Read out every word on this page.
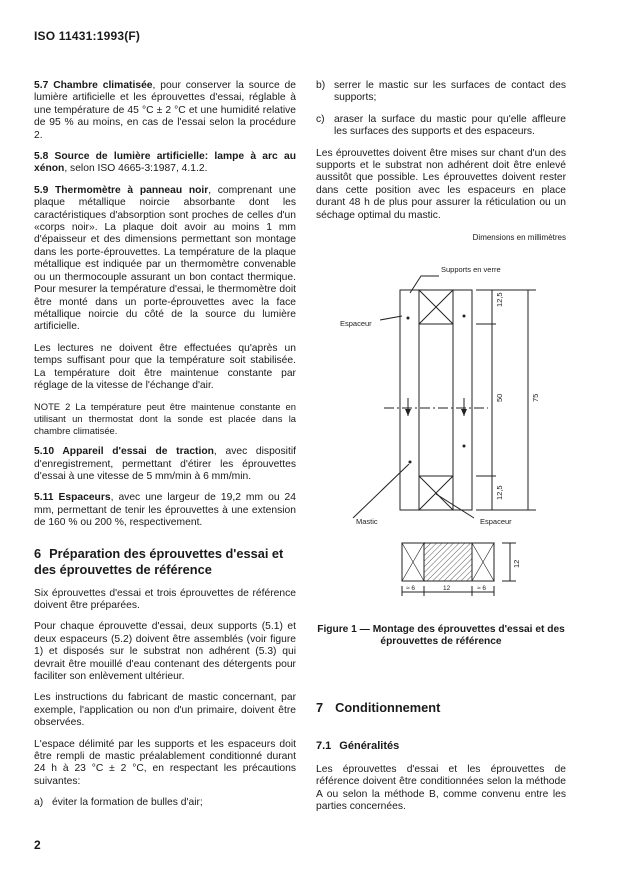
ISO 11431:1993(F)

5.7 Chambre climatisée, pour conserver la source de lumière artificielle et les éprouvettes d'essai, réglable à une température de 45 °C ± 2 °C et une humidité relative de 95 % au moins, en cas de l'essai selon la procédure 2.

5.8 Source de lumière artificielle: lampe à arc au xénon, selon ISO 4665-3:1987, 4.1.2.

5.9 Thermomètre à panneau noir, comprenant une plaque métallique noircie absorbante dont les caractéristiques d'absorption sont proches de celles d'un «corps noir». La plaque doit avoir au moins 1 mm d'épaisseur et des dimensions permettant son montage dans les porte-éprouvettes. La température de la plaque métallique est indiquée par un thermomètre convenable ou un thermocouple assurant un bon contact thermique. Pour mesurer la température d'essai, le thermomètre doit être monté dans un porte-éprouvettes avec la face métallique noircie du côté de la source du lumière artificielle.

Les lectures ne doivent être effectuées qu'après un temps suffisant pour que la température soit stabilisée. La température doit être maintenue constante par réglage de la vitesse de l'échange d'air.

NOTE 2 La température peut être maintenue constante en utilisant un thermostat dont la sonde est placée dans la chambre climatisée.

5.10 Appareil d'essai de traction, avec dispositif d'enregistrement, permettant d'étirer les éprouvettes d'essai à une vitesse de 5 mm/min à 6 mm/min.

5.11 Espaceurs, avec une largeur de 19,2 mm ou 24 mm, permettant de tenir les éprouvettes à une extension de 160 % ou 200 %, respectivement.

6 Préparation des éprouvettes d'essai et des éprouvettes de référence

Six éprouvettes d'essai et trois éprouvettes de référence doivent être préparées.

Pour chaque éprouvette d'essai, deux supports (5.1) et deux espaceurs (5.2) doivent être assemblés (voir figure 1) et disposés sur le substrat non adhérent (5.3) qui devrait être mouillé d'eau contenant des détergents pour faciliter son enlèvement ultérieur.

Les instructions du fabricant de mastic concernant, par exemple, l'application ou non d'un primaire, doivent être observées.

L'espace délimité par les supports et les espaceurs doit être rempli de mastic préalablement conditionné durant 24 h à 23 °C ± 2 °C, en respectant les précautions suivantes:

a) éviter la formation de bulles d'air;
b) serrer le mastic sur les surfaces de contact des supports;
c) araser la surface du mastic pour qu'elle affleure les surfaces des supports et des espaceurs.

Les éprouvettes doivent être mises sur chant d'un des supports et le substrat non adhérent doit être enlevé aussitôt que possible. Les éprouvettes doivent rester dans cette position avec les espaceurs en place durant 48 h de plus pour assurer la réticulation ou un séchage optimal du mastic.

Dimensions en millimètres

Supports en verre
Espaceur
Mastic	Espaceur
12,5
50	75
12,5
12
≈ 6	12	≈ 6
Figure 1 — Montage des éprouvettes d'essai et des éprouvettes de référence
7 Conditionnement
7.1 Généralités
Les éprouvettes d'essai et les éprouvettes de référence doivent être conditionnées selon la méthode A ou selon la méthode B, comme convenu entre les parties concernées.
2
